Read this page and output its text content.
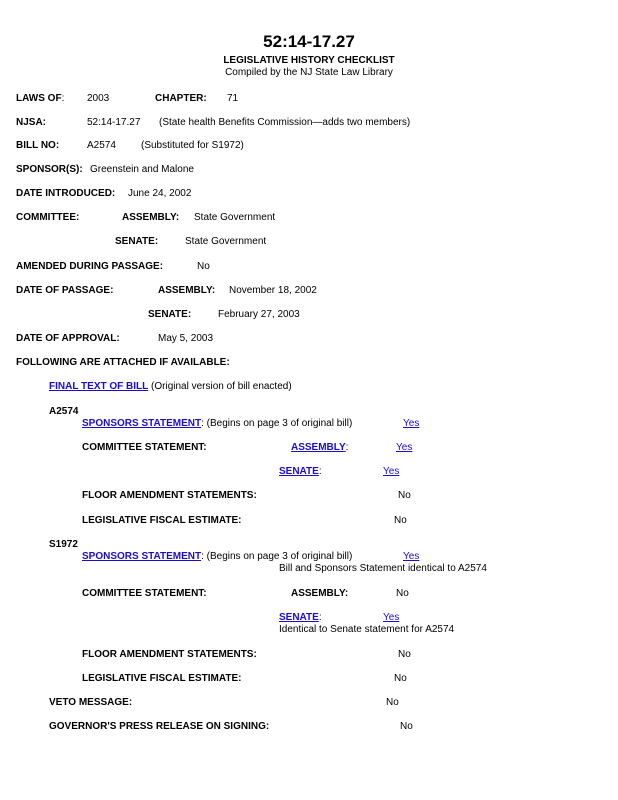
52:14-17.27
LEGISLATIVE HISTORY CHECKLIST
Compiled by the NJ State Law Library
LAWS OF: 2003	CHAPTER: 71
NJSA:	52:14-17.27 (State health Benefits Commission—adds two members)
BILL NO:	A2574	(Substituted for S1972)
SPONSOR(S): Greenstein and Malone
DATE INTRODUCED: June 24, 2002
COMMITTEE:	ASSEMBLY: State Government
SENATE:	State Government
AMENDED DURING PASSAGE:	No
DATE OF PASSAGE:	ASSEMBLY: November 18, 2002
SENATE:	February 27, 2003
DATE OF APPROVAL:	May 5, 2003
FOLLOWING ARE ATTACHED IF AVAILABLE:
FINAL TEXT OF BILL (Original version of bill enacted)
A2574
SPONSORS STATEMENT: (Begins on page 3 of original bill)	Yes
COMMITTEE STATEMENT:	ASSEMBLY:	Yes
SENATE:	Yes
FLOOR AMENDMENT STATEMENTS:	No
LEGISLATIVE FISCAL ESTIMATE:	No
S1972
SPONSORS STATEMENT: (Begins on page 3 of original bill)	Yes
Bill and Sponsors Statement identical to A2574
COMMITTEE STATEMENT:	ASSEMBLY:	No
SENATE:	Yes
Identical to Senate statement for A2574
FLOOR AMENDMENT STATEMENTS:	No
LEGISLATIVE FISCAL ESTIMATE:	No
VETO MESSAGE:	No
GOVERNOR'S PRESS RELEASE ON SIGNING:	No
